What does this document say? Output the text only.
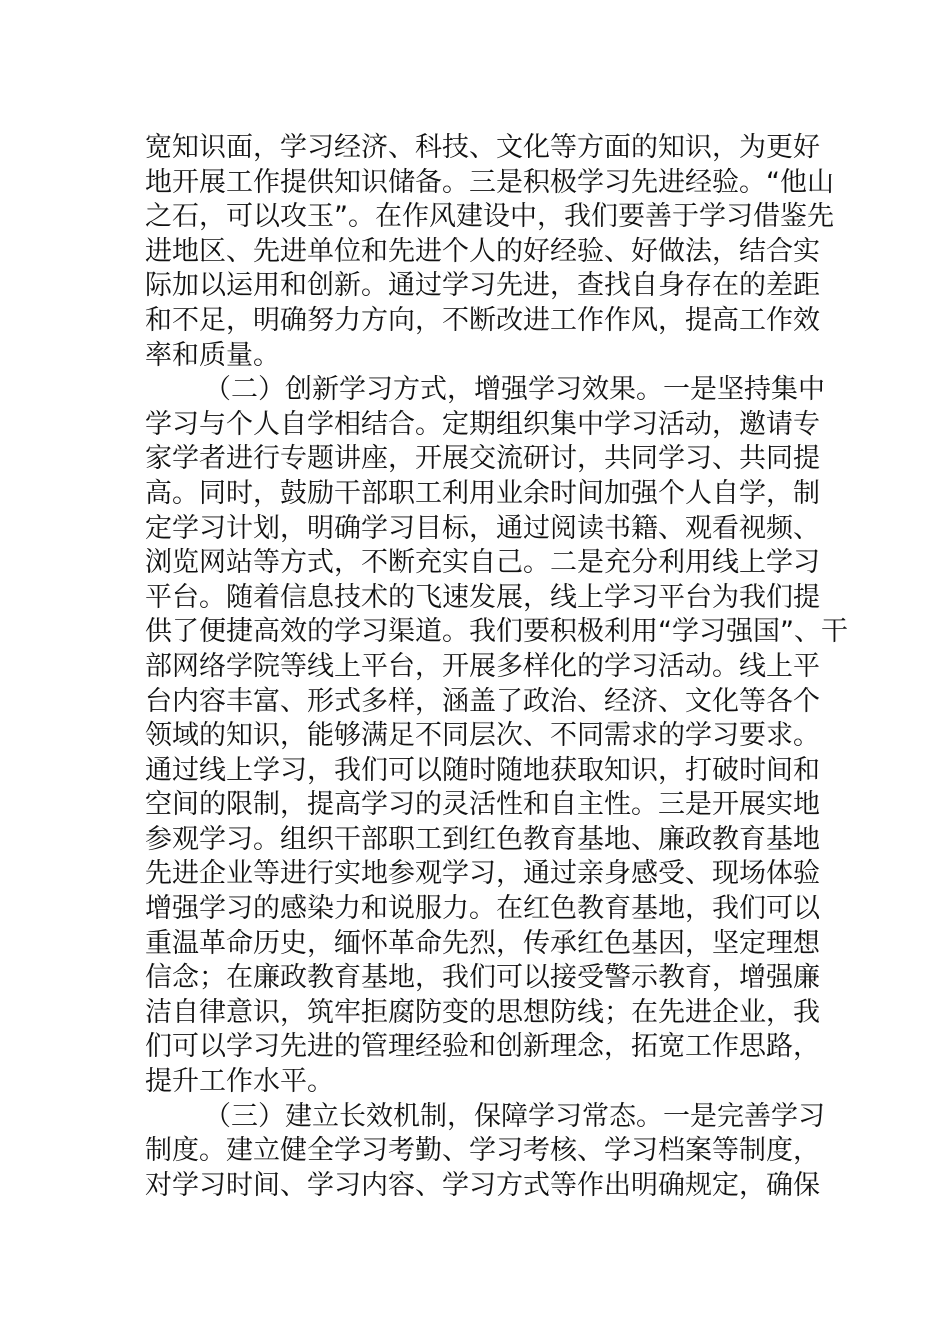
宽知识面，学习经济、科技、文化等方面的知识，为更好
地开展工作提供知识储备。三是积极学习先进经验。“他山
之石，可以攻玉”。在作风建设中，我们要善于学习借鉴先
进地区、先进单位和先进个人的好经验、好做法，结合实
际加以运用和创新。通过学习先进，查找自身存在的差距
和不足，明确努力方向，不断改进工作作风，提高工作效
率和质量。
（二）创新学习方式，增强学习效果。一是坚持集中
学习与个人自学相结合。定期组织集中学习活动，邀请专
家学者进行专题讲座，开展交流研讨，共同学习、共同提
高。同时，鼓励干部职工利用业余时间加强个人自学，制
定学习计划，明确学习目标，通过阅读书籍、观看视频、
浏览网站等方式，不断充实自己。二是充分利用线上学习
平台。随着信息技术的飞速发展，线上学习平台为我们提
供了便捷高效的学习渠道。我们要积极利用“学习强国”、干
部网络学院等线上平台，开展多样化的学习活动。线上平
台内容丰富、形式多样，涵盖了政治、经济、文化等各个
领域的知识，能够满足不同层次、不同需求的学习要求。
通过线上学习，我们可以随时随地获取知识，打破时间和
空间的限制，提高学习的灵活性和自主性。三是开展实地
参观学习。组织干部职工到红色教育基地、廉政教育基地
先进企业等进行实地参观学习，通过亲身感受、现场体验
增强学习的感染力和说服力。在红色教育基地，我们可以
重温革命历史，缅怀革命先烈，传承红色基因，坚定理想
信念；在廉政教育基地，我们可以接受警示教育，增强廉
洁自律意识，筑牢拒腐防变的思想防线；在先进企业，我
们可以学习先进的管理经验和创新理念，拓宽工作思路，
提升工作水平。
（三）建立长效机制，保障学习常态。一是完善学习
制度。建立健全学习考勤、学习考核、学习档案等制度，
对学习时间、学习内容、学习方式等作出明确规定，确保
